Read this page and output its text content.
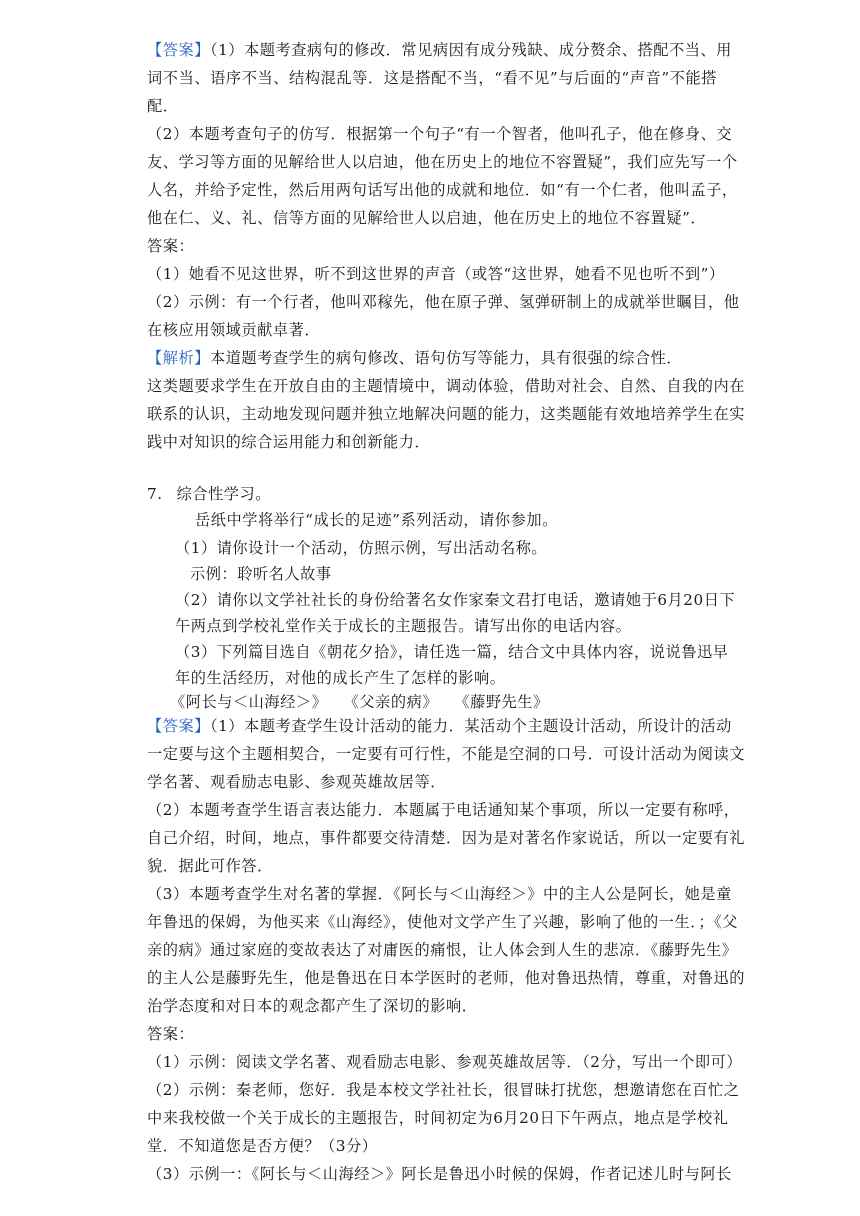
【答案】（1）本题考查病句的修改．常见病因有成分残缺、成分赘余、搭配不当、用
词不当、语序不当、结构混乱等．这是搭配不当，“看不见”与后面的“声音”不能搭
配．
（2）本题考查句子的仿写．根据第一个句子“有一个智者，他叫孔子，他在修身、交
友、学习等方面的见解给世人以启迪，他在历史上的地位不容置疑”，我们应先写一个
人名，并给予定性，然后用两句话写出他的成就和地位．如“有一个仁者，他叫孟子，
他在仁、义、礼、信等方面的见解给世人以启迪，他在历史上的地位不容置疑”．
答案：
（1）她看不见这世界，听不到这世界的声音（或答“这世界，她看不见也听不到”）
（2）示例：有一个行者，他叫邓稼先，他在原子弹、氢弹研制上的成就举世瞩目，他
在核应用领域贡献卓著．
【解析】本道题考查学生的病句修改、语句仿写等能力，具有很强的综合性．
这类题要求学生在开放自由的主题情境中，调动体验，借助对社会、自然、自我的内在
联系的认识，主动地发现问题并独立地解决问题的能力，这类题能有效地培养学生在实
践中对知识的综合运用能力和创新能力．
7. 综合性学习。
岳纸中学将举行“成长的足迹”系列活动，请你参加。
（1）请你设计一个活动，仿照示例，写出活动名称。
示例：聆听名人故事
（2）请你以文学社社长的身份给著名女作家秦文君打电话，邀请她于6月20日下
午两点到学校礼堂作关于成长的主题报告。请写出你的电话内容。
（3）下列篇目选自《朝花夕拾》，请任选一篇，结合文中具体内容，说说鲁迅早
年的生活经历，对他的成长产生了怎样的影响。
《阿长与＜山海经＞》　　《父亲的病》　　《藤野先生》
【答案】（1）本题考查学生设计活动的能力．某活动个主题设计活动，所设计的活动
一定要与这个主题相契合，一定要有可行性，不能是空洞的口号．可设计活动为阅读文
学名著、观看励志电影、参观英雄故居等．
（2）本题考查学生语言表达能力．本题属于电话通知某个事项，所以一定要有称呼，
自己介绍，时间，地点，事件都要交待清楚．因为是对著名作家说话，所以一定要有礼
貌．据此可作答．
（3）本题考查学生对名著的掌握．《阿长与＜山海经＞》中的主人公是阿长，她是童
年鲁迅的保姆，为他买来《山海经》，使他对文学产生了兴趣，影响了他的一生．；《父
亲的病》通过家庭的变故表达了对庸医的痛恨，让人体会到人生的悲凉．《藤野先生》
的主人公是藤野先生，他是鲁迅在日本学医时的老师，他对鲁迅热情，尊重，对鲁迅的
治学态度和对日本的观念都产生了深切的影响．
答案：
（1）示例：阅读文学名著、观看励志电影、参观英雄故居等．（2分，写出一个即可）
（2）示例：秦老师，您好．我是本校文学社社长，很冒昧打扰您，想邀请您在百忙之
中来我校做一个关于成长的主题报告，时间初定为6月20日下午两点，地点是学校礼
堂．不知道您是否方便？（3分）
（3）示例一：《阿长与＜山海经＞》阿长是鲁迅小时候的保姆，作者记述儿时与阿长
